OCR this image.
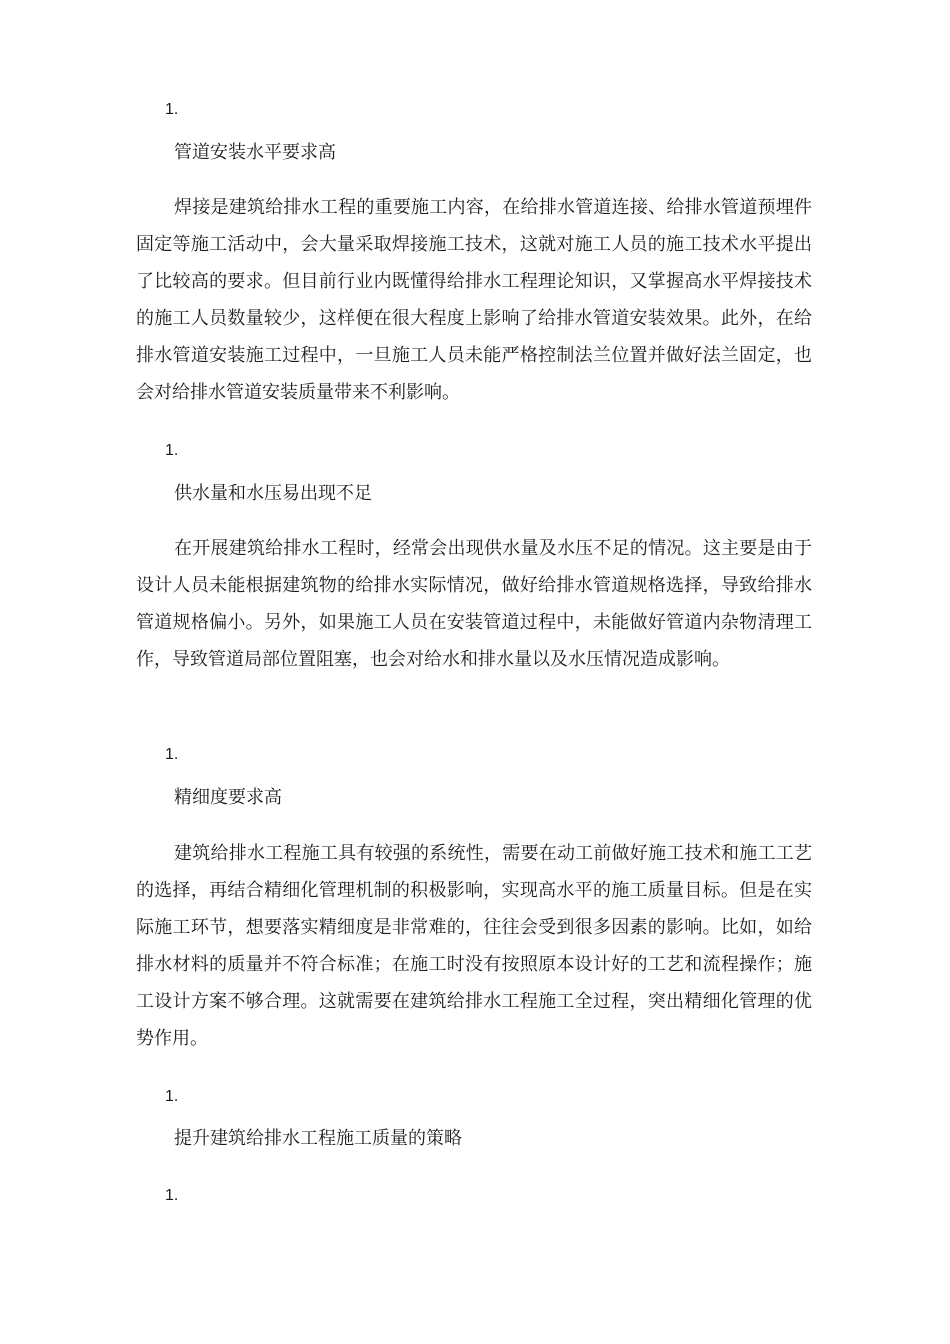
1.
管道安装水平要求高

焊接是建筑给排水工程的重要施工内容，在给排水管道连接、给排水管道预埋件固定等施工活动中，会大量采取焊接施工技术，这就对施工人员的施工技术水平提出了比较高的要求。但目前行业内既懂得给排水工程理论知识，又掌握高水平焊接技术的施工人员数量较少，这样便在很大程度上影响了给排水管道安装效果。此外，在给排水管道安装施工过程中，一旦施工人员未能严格控制法兰位置并做好法兰固定，也会对给排水管道安装质量带来不利影响。

1.
供水量和水压易出现不足

在开展建筑给排水工程时，经常会出现供水量及水压不足的情况。这主要是由于设计人员未能根据建筑物的给排水实际情况，做好给排水管道规格选择，导致给排水管道规格偏小。另外，如果施工人员在安装管道过程中，未能做好管道内杂物清理工作，导致管道局部位置阻塞，也会对给水和排水量以及水压情况造成影响。

1.
精细度要求高

建筑给排水工程施工具有较强的系统性，需要在动工前做好施工技术和施工工艺的选择，再结合精细化管理机制的积极影响，实现高水平的施工质量目标。但是在实际施工环节，想要落实精细度是非常难的，往往会受到很多因素的影响。比如，如给排水材料的质量并不符合标准；在施工时没有按照原本设计好的工艺和流程操作；施工设计方案不够合理。这就需要在建筑给排水工程施工全过程，突出精细化管理的优势作用。

1.
提升建筑给排水工程施工质量的策略
1.
